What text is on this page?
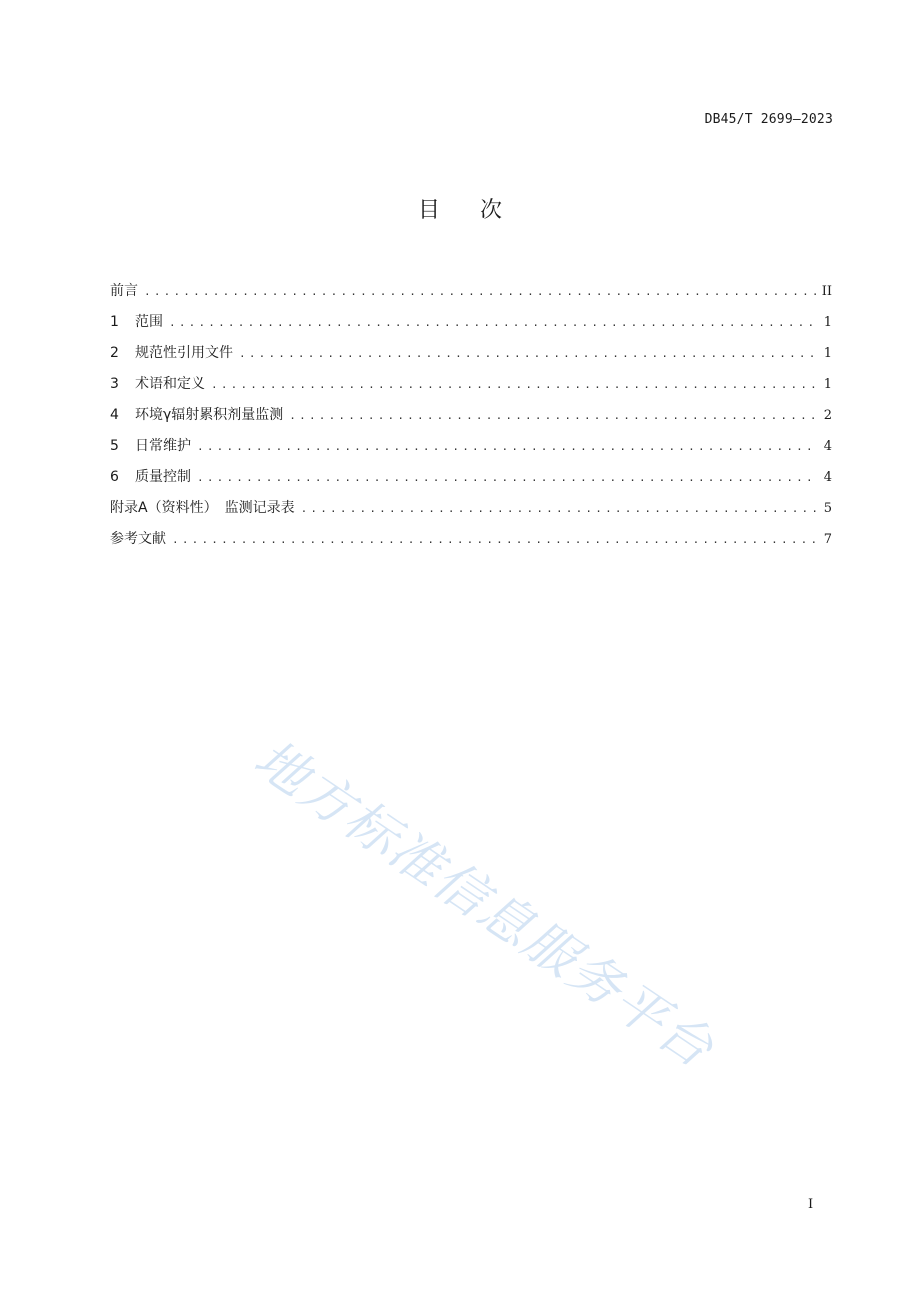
DB45/T 2699—2023
目次
前言 .....	II
1	范围 .....	1
2	规范性引用文件 .....	1
3	术语和定义 .....	1
4	环境γ辐射累积剂量监测 .....	2
5	日常维护 .....	4
6	质量控制 .....	4
附录A（资料性）　监测记录表 .....	5
参考文献 .....	7
地方标准信息服务平台
I
